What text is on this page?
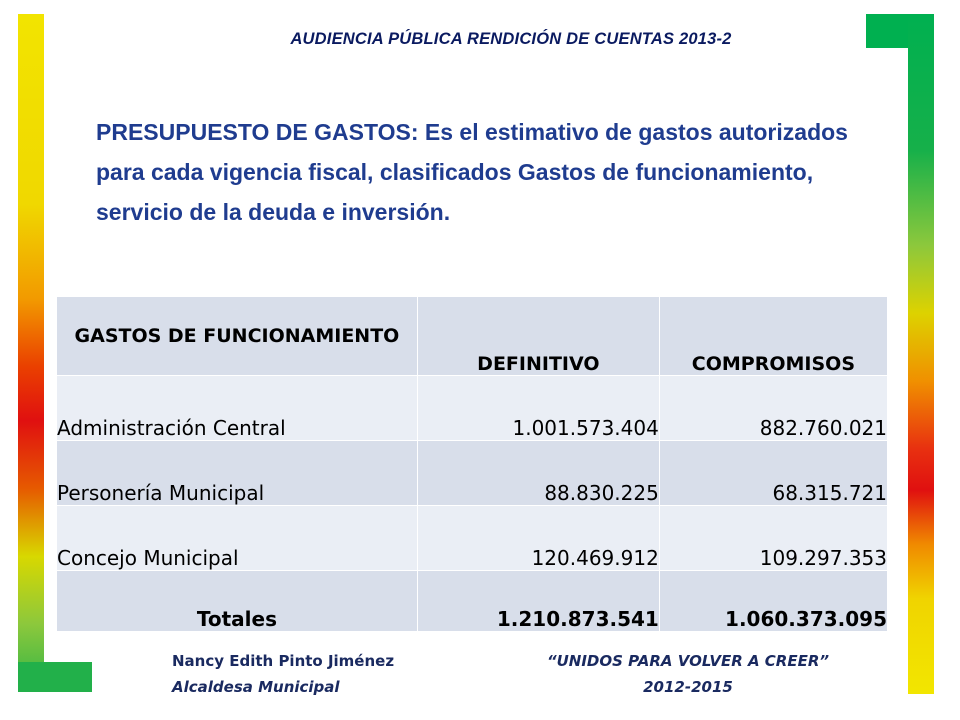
AUDIENCIA PÚBLICA RENDICIÓN DE CUENTAS 2013-2

PRESUPUESTO DE GASTOS: Es el estimativo de gastos autorizados para cada vigencia fiscal, clasificados Gastos de funcionamiento, servicio de la deuda e inversión.

GASTOS DE FUNCIONAMIENTO	DEFINITIVO	COMPROMISOS
Administración Central	1.001.573.404	882.760.021
Personería Municipal	88.830.225	68.315.721
Concejo Municipal	120.469.912	109.297.353
Totales	1.210.873.541	1.060.373.095
Nancy Edith Pinto Jiménez
Alcaldesa Municipal
“UNIDOS PARA VOLVER A CREER”
2012-2015
